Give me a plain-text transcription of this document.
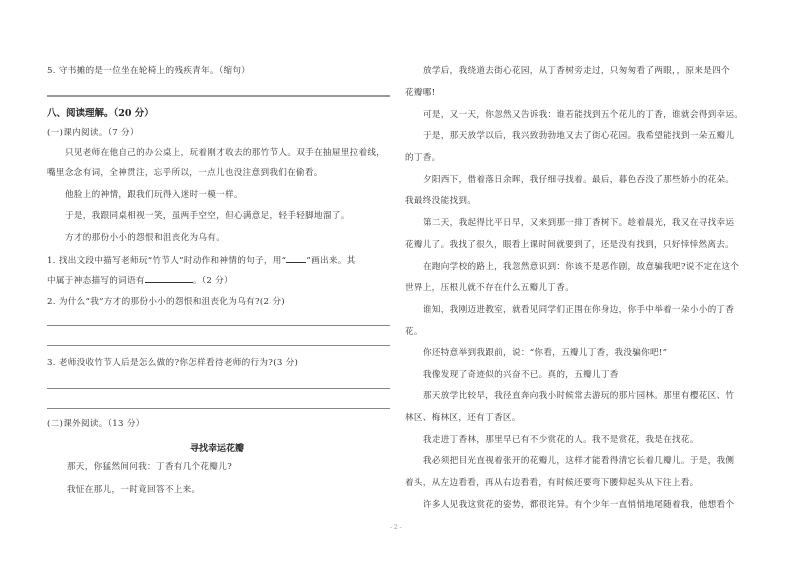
5. 守书摊的是一位坐在轮椅上的残疾青年。（缩句）
八、阅读理解。（20 分）
(一)课内阅读。（7 分）
只见老师在他自己的办公桌上，玩着刚才收去的那竹节人。双手在抽屉里拉着线，
嘴里念念有词，全神贯注，忘乎所以，一点儿也没注意到我们在偷看。
他脸上的神情，跟我们玩得入迷时一模一样。
于是，我跟同桌相视一笑，虽两手空空，但心满意足，轻手轻脚地溜了。
方才的那份小小的怨恨和沮丧化为乌有。
1. 找出文段中描写老师玩“竹节人”时动作和神情的句子，用“ ”画出来。其
中属于神态描写的词语有	。（2 分）
2. 为什么“我”方才的那份小小的怨恨和沮丧化为乌有?(2 分)
3. 老师没收竹节人后是怎么做的?你怎样看待老师的行为?(3 分)
(二)课外阅读。（13 分）
寻找幸运花瓣
那天，你猛然间问我：丁香有几个花瓣儿?
我怔在那儿，一时竟回答不上来。
放学后，我绕道去街心花园，从丁香树旁走过，只匆匆看了两眼，，原来是四个
花瓣哪!
可是，又一天，你忽然又告诉我：谁若能找到五个花儿的丁香，谁就会得到幸运。
于是，那天放学以后，我兴致勃勃地又去了街心花园。我希望能找到一朵五瓣儿
的丁香。
夕阳西下，借着落日余晖，我仔细寻找着。最后，暮色吞没了那些娇小的花朵。
我最终没能找到。
第二天，我起得比平日早，又来到那一排丁香树下。趁着晨光，我又在寻找幸运
花瓣儿了。我找了很久，眼看上课时间就要到了，还是没有找到，只好悻悻然离去。
在跑向学校的路上，我忽然意识到：你该不是恶作剧，故意骗我吧?说不定在这个
世界上，压根儿就不存在什么五瓣儿丁香。
谁知，我刚迈进教室，就看见同学们正围在你身边，你手中举着一朵小小的丁香
花。
你还特意举到我跟前，说：“你看，五瓣儿丁香，我没骗你吧!”
我像发现了奇迹似的兴奋不已。真的，五瓣儿丁香
那天放学比较早，我径直奔向我小时候常去游玩的那片园林。那里有樱花区、竹
林区、梅林区，还有丁香区。
我走进丁香林，那里早已有不少赏花的人。我不是赏花，我是在找花。
我必须把目光直视着张开的花瓣儿，这样才能看得清它长着几瓣儿。于是，我侧
着头，从左边看看，再从右边看看，有时候还要弯下腰仰起头从下往上看。
许多人见我这赏花的姿势，都很诧异。有个少年一直悄悄地尾随着我，他想看个
- 2 -
